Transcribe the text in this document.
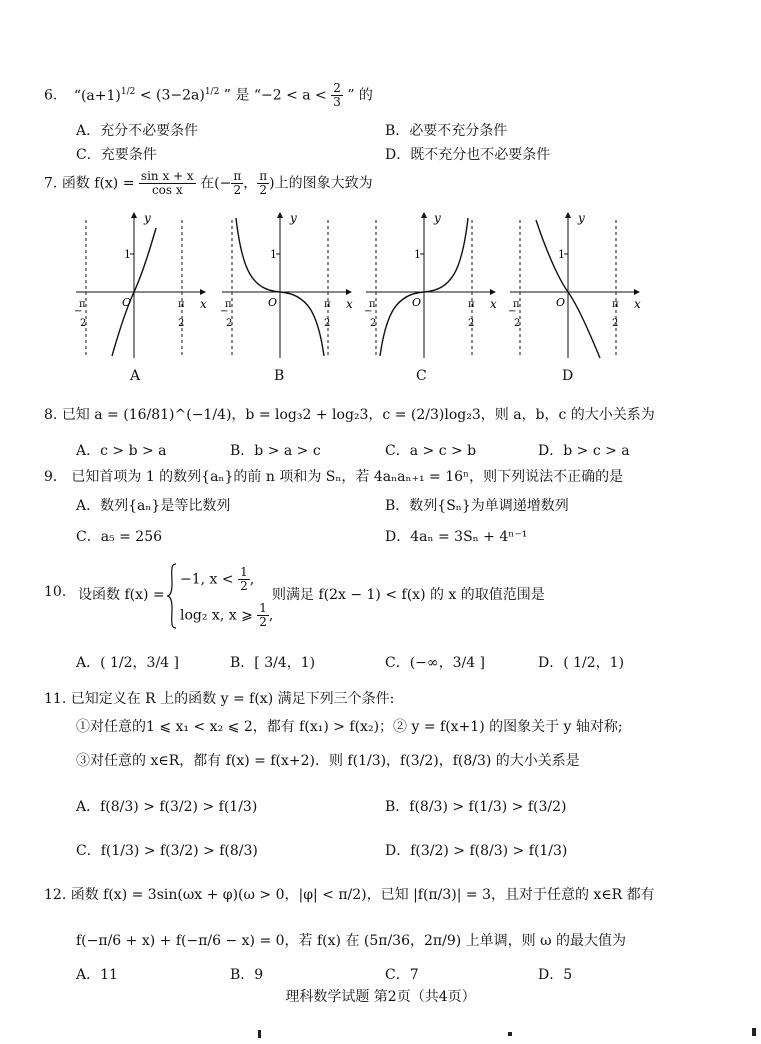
6. “$(a+1)^{1/2} < (3-2a)^{1/2}$ ” 是 “$-2 < a < \frac{2}{3}$ ” 的
A．充分不必要条件	B．必要不充分条件
C．充要条件	D．既不充分也不必要条件
7. 函数 $f(x) = \frac{\text{sin x + x}}{\text{cos x}}$ 在(− $\frac{\pi}{2}$ ， $\frac{\pi}{2}$ )上的图象大致为
y
x
O
1
π
−
2
π
2
y
x
O
1
π
−
2
π
2
y
x
O
1
π
−
2
π
2
y
x
O
1
π
−
2
π
2
A	B	C	D
8. 已知 a = (16/81)^(−1/4)，b = log₃2 + log₂3，c = (2/3)log₂3，则 a，b，c 的大小关系为
A．c > b > a	B．b > a > c	C．a > c > b	D．b > c > a
9． 已知首项为 1 的数列{aₙ}的前 n 项和为 Sₙ，若 4aₙaₙ₊₁ = 16ⁿ，则下列说法不正确的是
A．数列{aₙ}是等比数列	B．数列{Sₙ}为单调递增数列
C．a₅ = 256	D．4aₙ = 3Sₙ + 4ⁿ⁻¹
10. 设函数 f(x) =
−1, $x < \frac{1}{2}$ ,
log₂ x, x ⩾ $\frac{1}{2}$ ,
则满足 f(2x − 1) < f(x) 的 x 的取值范围是
A．( 1/2，3/4 ]	B．[ 3/4，1)	C．(−∞，3/4 ]	D．( 1/2，1)
11. 已知定义在 R 上的函数 y = f(x) 满足下列三个条件:
①对任意的1 ⩽ x₁ < x₂ ⩽ 2，都有 f(x₁) > f(x₂)；② y = f(x+1) 的图象关于 y 轴对称;
③对任意的 x∈R，都有 f(x) = f(x+2)．则 f(1/3)，f(3/2)，f(8/3) 的大小关系是
A．f(8/3) > f(3/2) > f(1/3)	B．f(8/3) > f(1/3) > f(3/2)
C．f(1/3) > f(3/2) > f(8/3)	D．f(3/2) > f(8/3) > f(1/3)
12. 函数 f(x) = 3sin(ωx + φ)(ω > 0，|φ| < π/2)，已知 |f(π/3)| = 3，且对于任意的 x∈R 都有
f(−π/6 + x) + f(−π/6 − x) = 0，若 f(x) 在 (5π/36，2π/9) 上单调，则 ω 的最大值为
A．11	B．9	C．7	D．5
理科数学试题 第2页（共4页）
